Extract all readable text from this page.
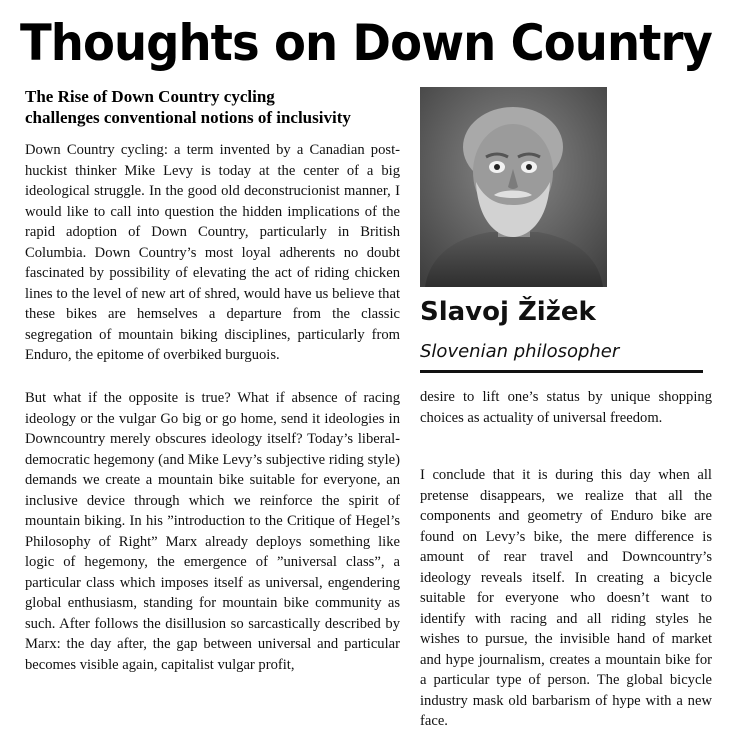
Thoughts on Down Country
The Rise of Down Country cycling
challenges conventional notions of inclusivity

Down Country cycling: a term invented by a Canadian post-huckist thinker Mike Levy is today at the center of a big ideological struggle. In the good old deconstrucionist manner, I would like to call into question the hidden implications of the rapid adoption of Down Country, particularly in British Columbia. Down Country’s most loyal adherents no doubt fascinated by possibility of elevating the act of riding chicken lines to the level of new art of shred, would have us believe that these bikes are hemselves a departure from the classic segregation of mountain biking disciplines, particularly from Enduro, the epitome of overbiked burguois.

But what if the opposite is true? What if absence of racing ideology or the vulgar Go big or go home, send it ideologies in Downcountry merely obscures ideology itself? Today’s liberal-democratic hegemony (and Mike Levy’s subjective riding style) demands we create a mountain bike suitable for everyone, an inclusive device through which we reinforce the spirit of mountain biking. In his ”introduction to the Critique of Hegel’s Philosophy of Right” Marx already deploys something like logic of hegemony, the emergence of ”universal class”, a particular class which imposes itself as universal, engendering global enthusiasm, standing for mountain bike community as such. After follows the disillusion so sarcastically described by Marx: the day after, the gap between universal and particular becomes visible again, capitalist vulgar profit,

desire to lift one’s status by unique shopping choices as actuality of universal freedom.

I conclude that it is during this day when all pretense disappears, we realize that all the components and geometry of Enduro bike are found on Levy’s bike, the mere difference is amount of rear travel and Downcountry’s ideology reveals itself. In creating a bicycle suitable for everyone who doesn’t want to identify with racing and all riding styles he wishes to pursue, the invisible hand of market and hype journalism, creates a mountain bike for a particular type of person. The global bicycle industry mask old barbarism of hype with a new face.

Slavoj Žižek
Slovenian philosopher
